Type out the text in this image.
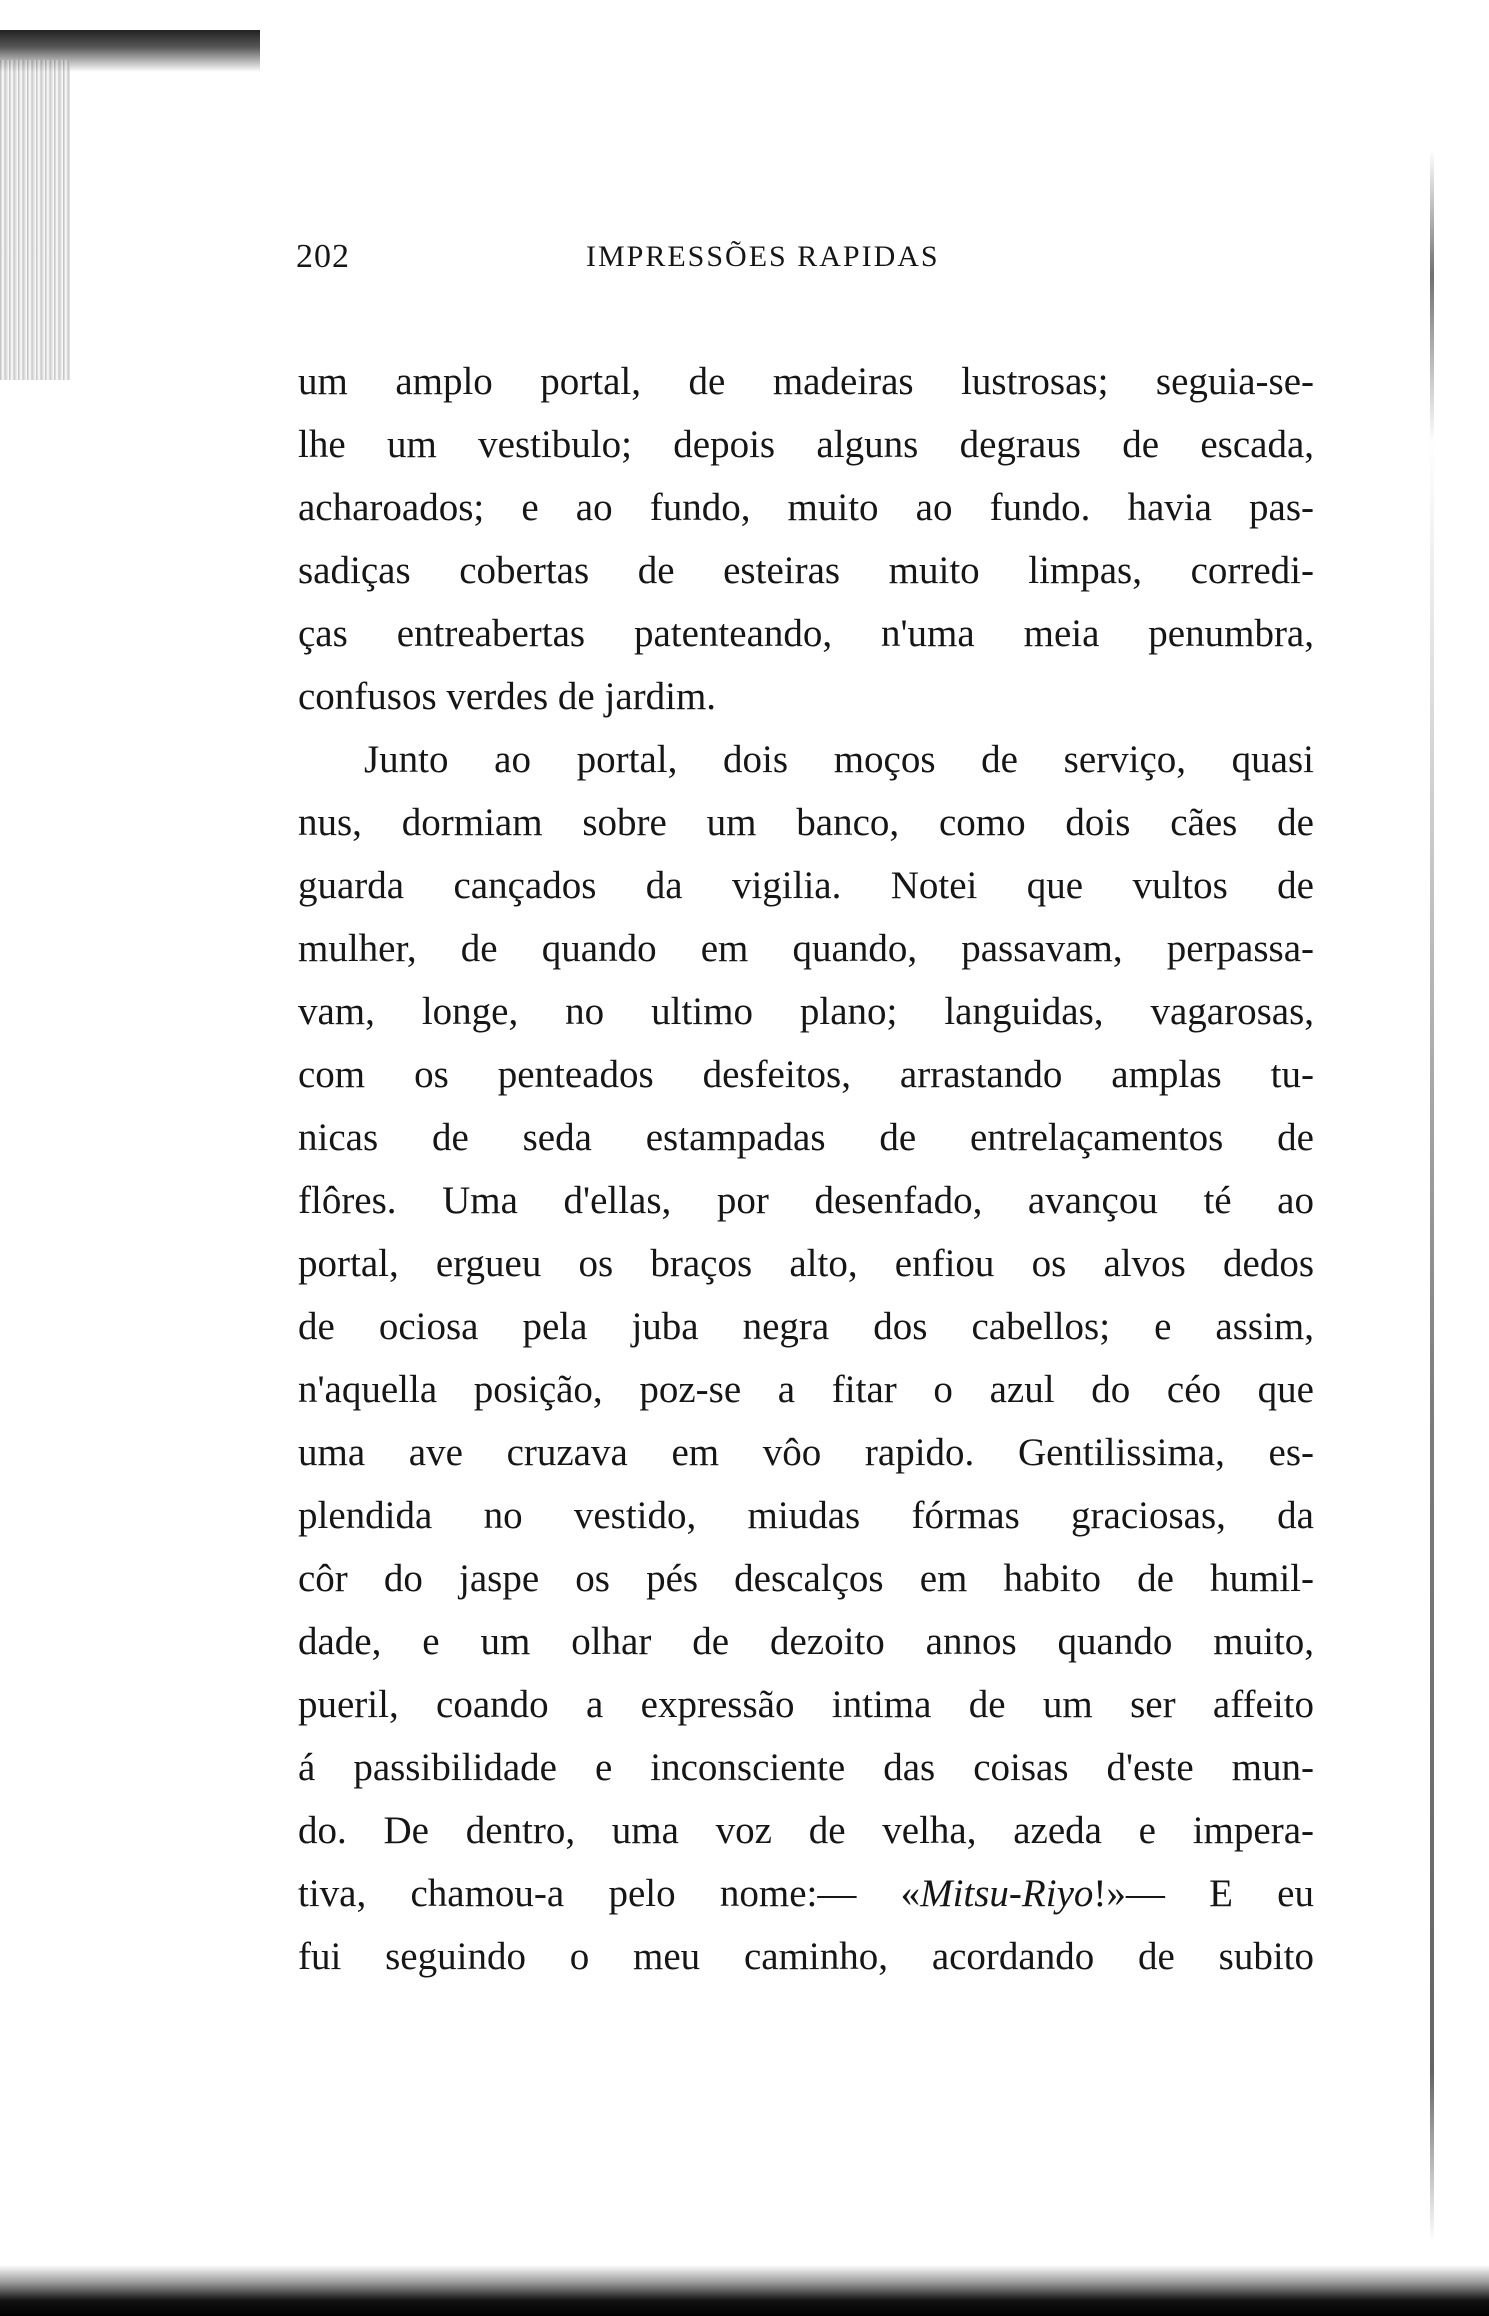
202	IMPRESSÕES RAPIDAS
um amplo portal, de madeiras lustrosas; seguia-se-
lhe um vestibulo; depois alguns degraus de escada,
acharoados; e ao fundo, muito ao fundo. havia pas-
sadiças cobertas de esteiras muito limpas, corredi-
ças entreabertas patenteando, n'uma meia penumbra,
confusos verdes de jardim.
Junto ao portal, dois moços de serviço, quasi
nus, dormiam sobre um banco, como dois cães de
guarda cançados da vigilia. Notei que vultos de
mulher, de quando em quando, passavam, perpassa-
vam, longe, no ultimo plano; languidas, vagarosas,
com os penteados desfeitos, arrastando amplas tu-
nicas de seda estampadas de entrelaçamentos de
flôres. Uma d'ellas, por desenfado, avançou té ao
portal, ergueu os braços alto, enfiou os alvos dedos
de ociosa pela juba negra dos cabellos; e assim,
n'aquella posição, poz-se a fitar o azul do céo que
uma ave cruzava em vôo rapido. Gentilissima, es-
plendida no vestido, miudas fórmas graciosas, da
côr do jaspe os pés descalços em habito de humil-
dade, e um olhar de dezoito annos quando muito,
pueril, coando a expressão intima de um ser affeito
á passibilidade e inconsciente das coisas d'este mun-
do. De dentro, uma voz de velha, azeda e impera-
tiva, chamou-a pelo nome:— «Mitsu-Riyo!»— E eu
fui seguindo o meu caminho, acordando de subito
